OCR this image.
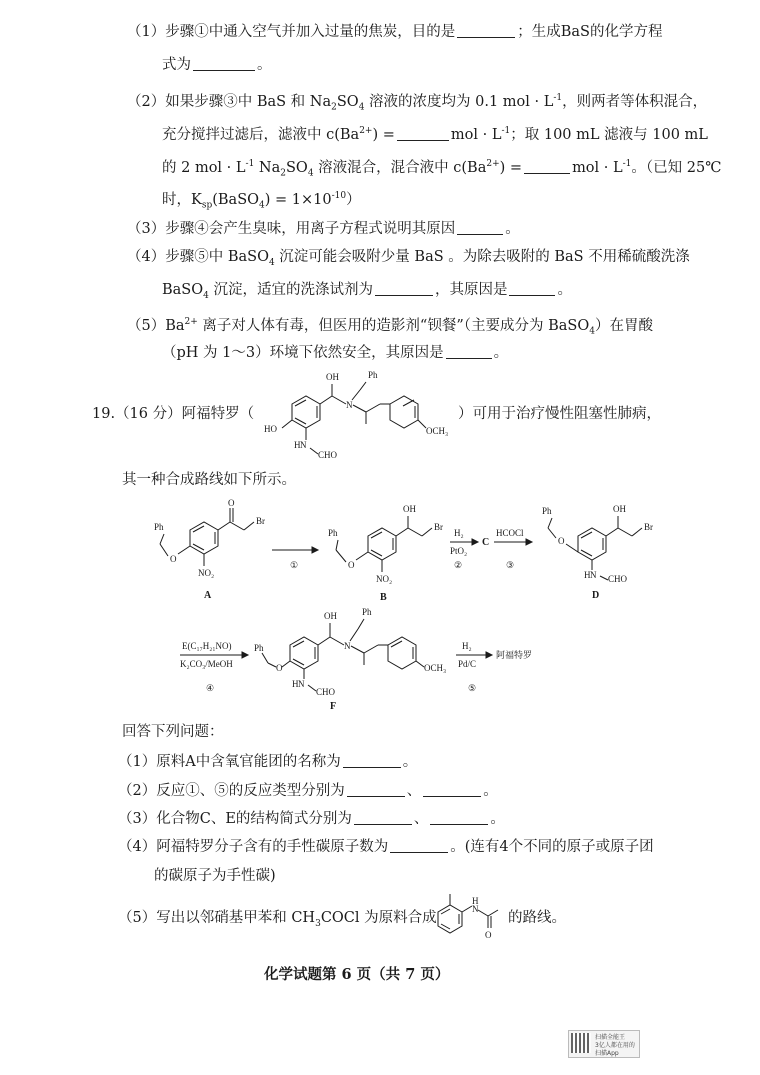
（1）步骤①中通入空气并加入过量的焦炭，目的是	；生成BaS的化学方程
式为	。
（2）如果步骤③中 BaS 和 $Na_2SO_4$ 溶液的浓度均为 0.1 mol · $L^{-1}$，则两者等体积混合，
充分搅拌过滤后，滤液中 $c(Ba^{2+})$ =	mol · $L^{-1}$；取 100 mL 滤液与 100 mL
的 2 mol · $L^{-1}$ $Na_2SO_4$ 溶液混合，混合液中 $c(Ba^{2+})$ =	mol · $L^{-1}$。（已知 25℃
时，$K_{sp}(BaSO_4) = 1\times 10^{-10}$）
（3）步骤④会产生臭味，用离子方程式说明其原因	。
（4）步骤⑤中 BaSO$_4$ 沉淀可能会吸附少量 BaS 。为除去吸附的 BaS 不用稀硫酸洗涤
BaSO$_4$ 沉淀，适宜的洗涤试剂为	，其原因是	。
$(5)Ba^{2+}$ 离子对人体有毒，但医用的造影剂“钡餐”（主要成分为 BaSO$_4$）在胃酸
（pH 为 1～3）环境下依然安全，其原因是	。
19.（16 分）阿福特罗（	）可用于治疗慢性阻塞性肺病，
OH
N
Ph
OCH₃
HO
H N
CHO
其一种合成路线如下所示。
O
Br
O
Ph
NO₂
A
①
OH
Br
O
Ph
NO₂
B
H₂
PtO₂
②
C
HCOCl
③
OH
Br
O
Ph
H N CHO
D
E(C₁₇H₂₁NO)
K₂CO₃/MeOH
④
Ph
O
OH
N
Ph
OCH₃
H N
CHO
F
H₂
Pd/C
⑤
阿福特罗
回答下列问题：
（1）原料A中含氧官能团的名称为	。
（2）反应①、⑤的反应类型分别为	、	。
（3）化合物C、E的结构简式分别为	、	。
（4）阿福特罗分子含有的手性碳原子数为	。(连有4个不同的原子或原子团
的碳原子为手性碳)
（5）写出以邻硝基甲苯和 $CH_3COCl$ 为原料合成
H
N
O
的路线。
化学试题第 6 页（共 7 页）
扫描全能王
3亿人都在用的扫描App
